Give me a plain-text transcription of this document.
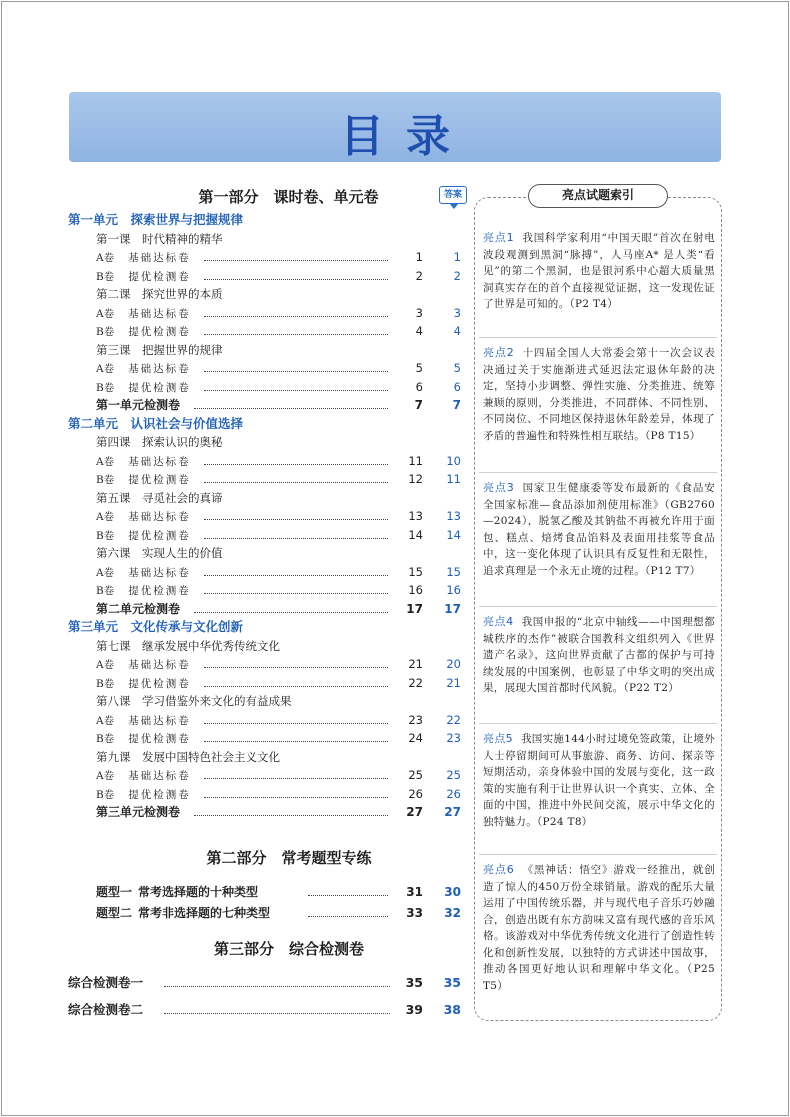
目录
第一部分　课时卷、单元卷	答案
第一单元　探索世界与把握规律
第一课　时代精神的精华
A卷 基础达标卷	1	1
B卷 提优检测卷	2	2
第二课　探究世界的本质
A卷 基础达标卷	3	3
B卷 提优检测卷	4	4
第三课　把握世界的规律
A卷 基础达标卷	5	5
B卷 提优检测卷	6	6
第一单元检测卷	7	7
第二单元　认识社会与价值选择
第四课　探索认识的奥秘
A卷 基础达标卷	11	10
B卷 提优检测卷	12	11
第五课　寻觅社会的真谛
A卷 基础达标卷	13	13
B卷 提优检测卷	14	14
第六课　实现人生的价值
A卷 基础达标卷	15	15
B卷 提优检测卷	16	16
第二单元检测卷	17	17
第三单元　文化传承与文化创新
第七课　继承发展中华优秀传统文化
A卷 基础达标卷	21	20
B卷 提优检测卷	22	21
第八课　学习借鉴外来文化的有益成果
A卷 基础达标卷	23	22
B卷 提优检测卷	24	23
第九课　发展中国特色社会主义文化
A卷 基础达标卷	25	25
B卷 提优检测卷	26	26
第三单元检测卷	27	27
题型一 常考选择题的十种类型	31	30
题型二 常考非选择题的七种类型	33	32
综合检测卷一	35	35
综合检测卷二	39	38
第二部分　常考题型专练
第三部分　综合检测卷
亮点试题索引
亮点1 我国科学家利用“中国天眼”首次在射电波段观测到黑洞“脉搏”，人马座A* 是人类“看见”的第二个黑洞，也是银河系中心超大质量黑洞真实存在的首个直接视觉证据，这一发现佐证了世界是可知的。（P2 T4）
亮点2 十四届全国人大常委会第十一次会议表决通过关于实施渐进式延迟法定退休年龄的决定，坚持小步调整、弹性实施、分类推进、统筹兼顾的原则，分类推进，不同群体、不同性别、不同岗位、不同地区保持退休年龄差异，体现了矛盾的普遍性和特殊性相互联结。（P8 T15）
亮点3 国家卫生健康委等发布最新的《食品安全国家标准—食品添加剂使用标准》（GB2760—2024），脱氢乙酸及其钠盐不再被允许用于面包、糕点、焙烤食品馅料及表面用挂浆等食品中，这一变化体现了认识具有反复性和无限性，追求真理是一个永无止境的过程。（P12 T7）
亮点4 我国申报的“北京中轴线——中国理想都城秩序的杰作”被联合国教科文组织列入《世界遗产名录》，这向世界贡献了古都的保护与可持续发展的中国案例，也彰显了中华文明的突出成果，展现大国首都时代风貌。（P22 T2）
亮点5 我国实施144小时过境免签政策，让境外人士停留期间可从事旅游、商务、访问、探亲等短期活动，亲身体验中国的发展与变化，这一政策的实施有利于让世界认识一个真实、立体、全面的中国，推进中外民间交流，展示中华文化的独特魅力。（P24 T8）
亮点6 《黑神话：悟空》游戏一经推出，就创造了惊人的450万份全球销量。游戏的配乐大量运用了中国传统乐器，并与现代电子音乐巧妙融合，创造出既有东方韵味又富有现代感的音乐风格。该游戏对中华优秀传统文化进行了创造性转化和创新性发展，以独特的方式讲述中国故事，推动各国更好地认识和理解中华文化。（P25 T5）
